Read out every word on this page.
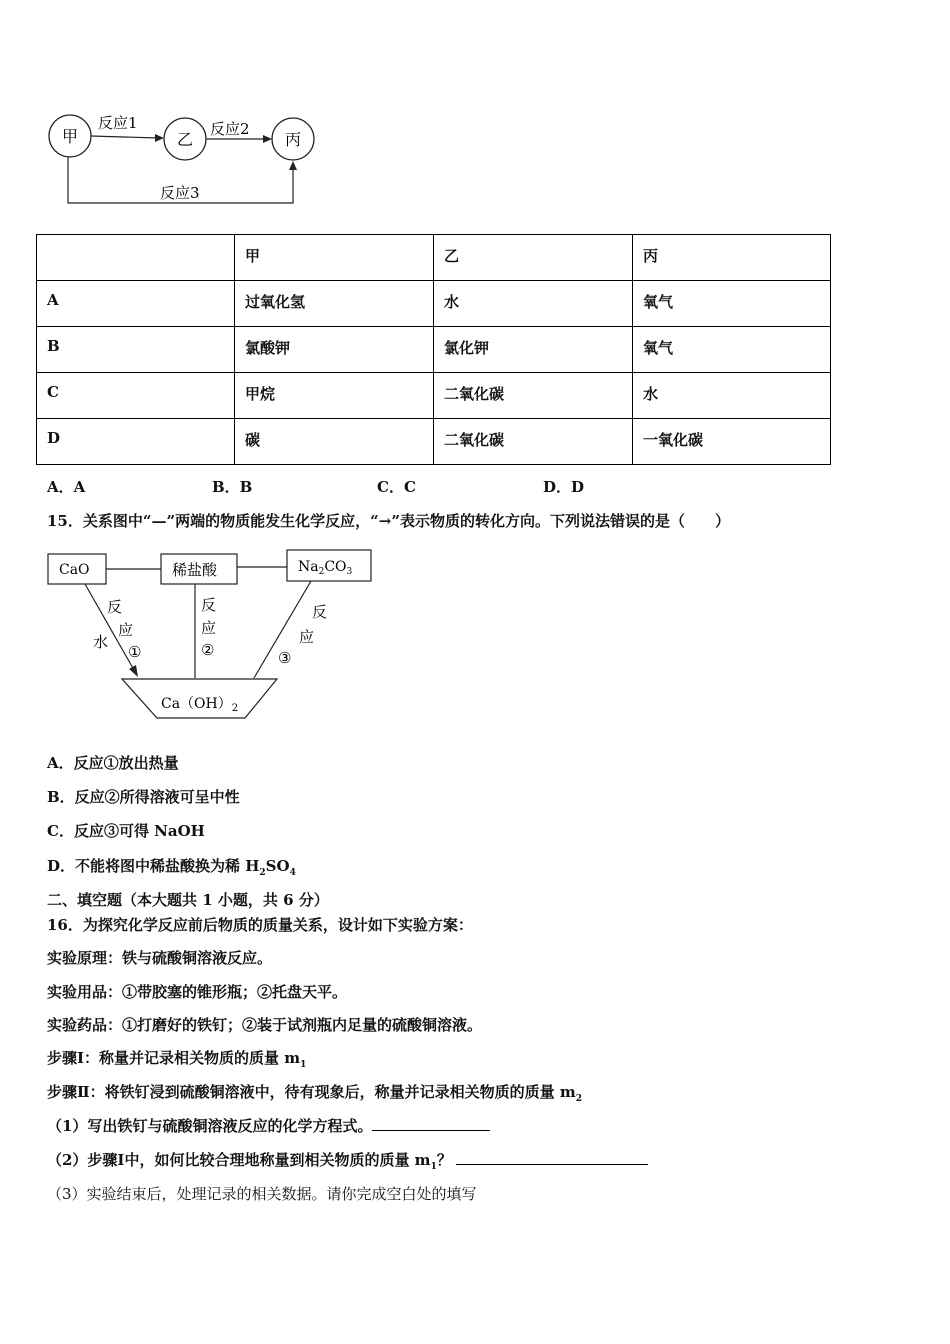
甲	乙	丙
反应1	反应2
反应3
	甲	乙	丙
A	过氧化氢	水	氧气
B	氯酸钾	氯化钾	氧气
C	甲烷	二氧化碳	水
D	碳	二氧化碳	一氧化碳
A．A	B．B	C．C	D．D
15．关系图中“—”两端的物质能发生化学反应，“→”表示物质的转化方向。下列说法错误的是（　　）
CaO	稀盐酸	$Na_2CO_3$
$Ca(OH)_2$
水
反
应
①
反
应
②
反
应
③
A．反应①放出热量
B．反应②所得溶液可呈中性
C．反应③可得 NaOH
D．不能将图中稀盐酸换为稀 $H_2SO_4$
二、填空题（本大题共 1 小题，共 6 分）
16．为探究化学反应前后物质的质量关系，设计如下实验方案：
实验原理：铁与硫酸铜溶液反应。
实验用品：①带胶塞的锥形瓶；②托盘天平。
实验药品：①打磨好的铁钉；②装于试剂瓶内足量的硫酸铜溶液。
步骤Ⅰ：称量并记录相关物质的质量 $m_1$
步骤Ⅱ：将铁钉浸到硫酸铜溶液中，待有现象后，称量并记录相关物质的质量 $m_2$
（1）写出铁钉与硫酸铜溶液反应的化学方程式。
（2）步骤Ⅰ中，如何比较合理地称量到相关物质的质量 $m_1$？
（3）实验结束后，处理记录的相关数据。请你完成空白处的填写
